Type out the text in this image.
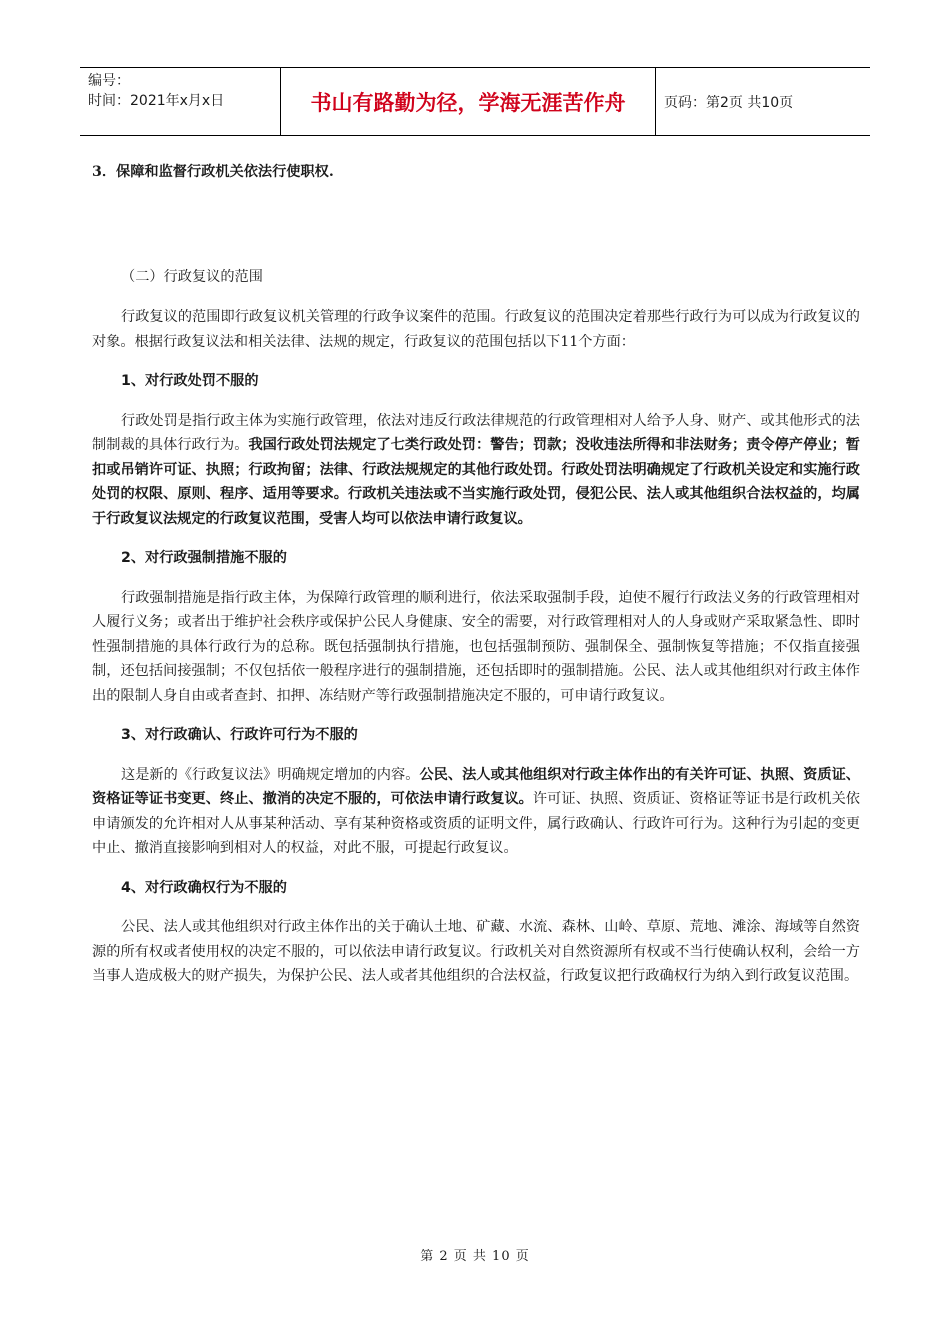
编号：
时间：2021年x月x日	书山有路勤为径，学海无涯苦作舟	页码：第2页 共10页

3．保障和监督行政机关依法行使职权.

（二）行政复议的范围

行政复议的范围即行政复议机关管理的行政争议案件的范围。行政复议的范围决定着那些行政行为可以成为行政复议的对象。根据行政复议法和相关法律、法规的规定，行政复议的范围包括以下11个方面：

1、对行政处罚不服的

行政处罚是指行政主体为实施行政管理，依法对违反行政法律规范的行政管理相对人给予人身、财产、或其他形式的法制制裁的具体行政行为。我国行政处罚法规定了七类行政处罚：警告；罚款；没收违法所得和非法财务；责令停产停业；暂扣或吊销许可证、执照；行政拘留；法律、行政法规规定的其他行政处罚。行政处罚法明确规定了行政机关设定和实施行政处罚的权限、原则、程序、适用等要求。行政机关违法或不当实施行政处罚，侵犯公民、法人或其他组织合法权益的，均属于行政复议法规定的行政复议范围，受害人均可以依法申请行政复议。

2、对行政强制措施不服的

行政强制措施是指行政主体，为保障行政管理的顺利进行，依法采取强制手段，迫使不履行行政法义务的行政管理相对人履行义务；或者出于维护社会秩序或保护公民人身健康、安全的需要，对行政管理相对人的人身或财产采取紧急性、即时性强制措施的具体行政行为的总称。既包括强制执行措施，也包括强制预防、强制保全、强制恢复等措施；不仅指直接强制，还包括间接强制；不仅包括依一般程序进行的强制措施，还包括即时的强制措施。公民、法人或其他组织对行政主体作出的限制人身自由或者查封、扣押、冻结财产等行政强制措施决定不服的，可申请行政复议。

3、对行政确认、行政许可行为不服的

这是新的《行政复议法》明确规定增加的内容。公民、法人或其他组织对行政主体作出的有关许可证、执照、资质证、资格证等证书变更、终止、撤消的决定不服的，可依法申请行政复议。许可证、执照、资质证、资格证等证书是行政机关依申请颁发的允许相对人从事某种活动、享有某种资格或资质的证明文件，属行政确认、行政许可行为。这种行为引起的变更中止、撤消直接影响到相对人的权益，对此不服，可提起行政复议。

4、对行政确权行为不服的

公民、法人或其他组织对行政主体作出的关于确认土地、矿藏、水流、森林、山岭、草原、荒地、滩涂、海域等自然资源的所有权或者使用权的决定不服的，可以依法申请行政复议。行政机关对自然资源所有权或不当行使确认权利，会给一方当事人造成极大的财产损失，为保护公民、法人或者其他组织的合法权益，行政复议把行政确权行为纳入到行政复议范围。

第 2 页 共 10 页
